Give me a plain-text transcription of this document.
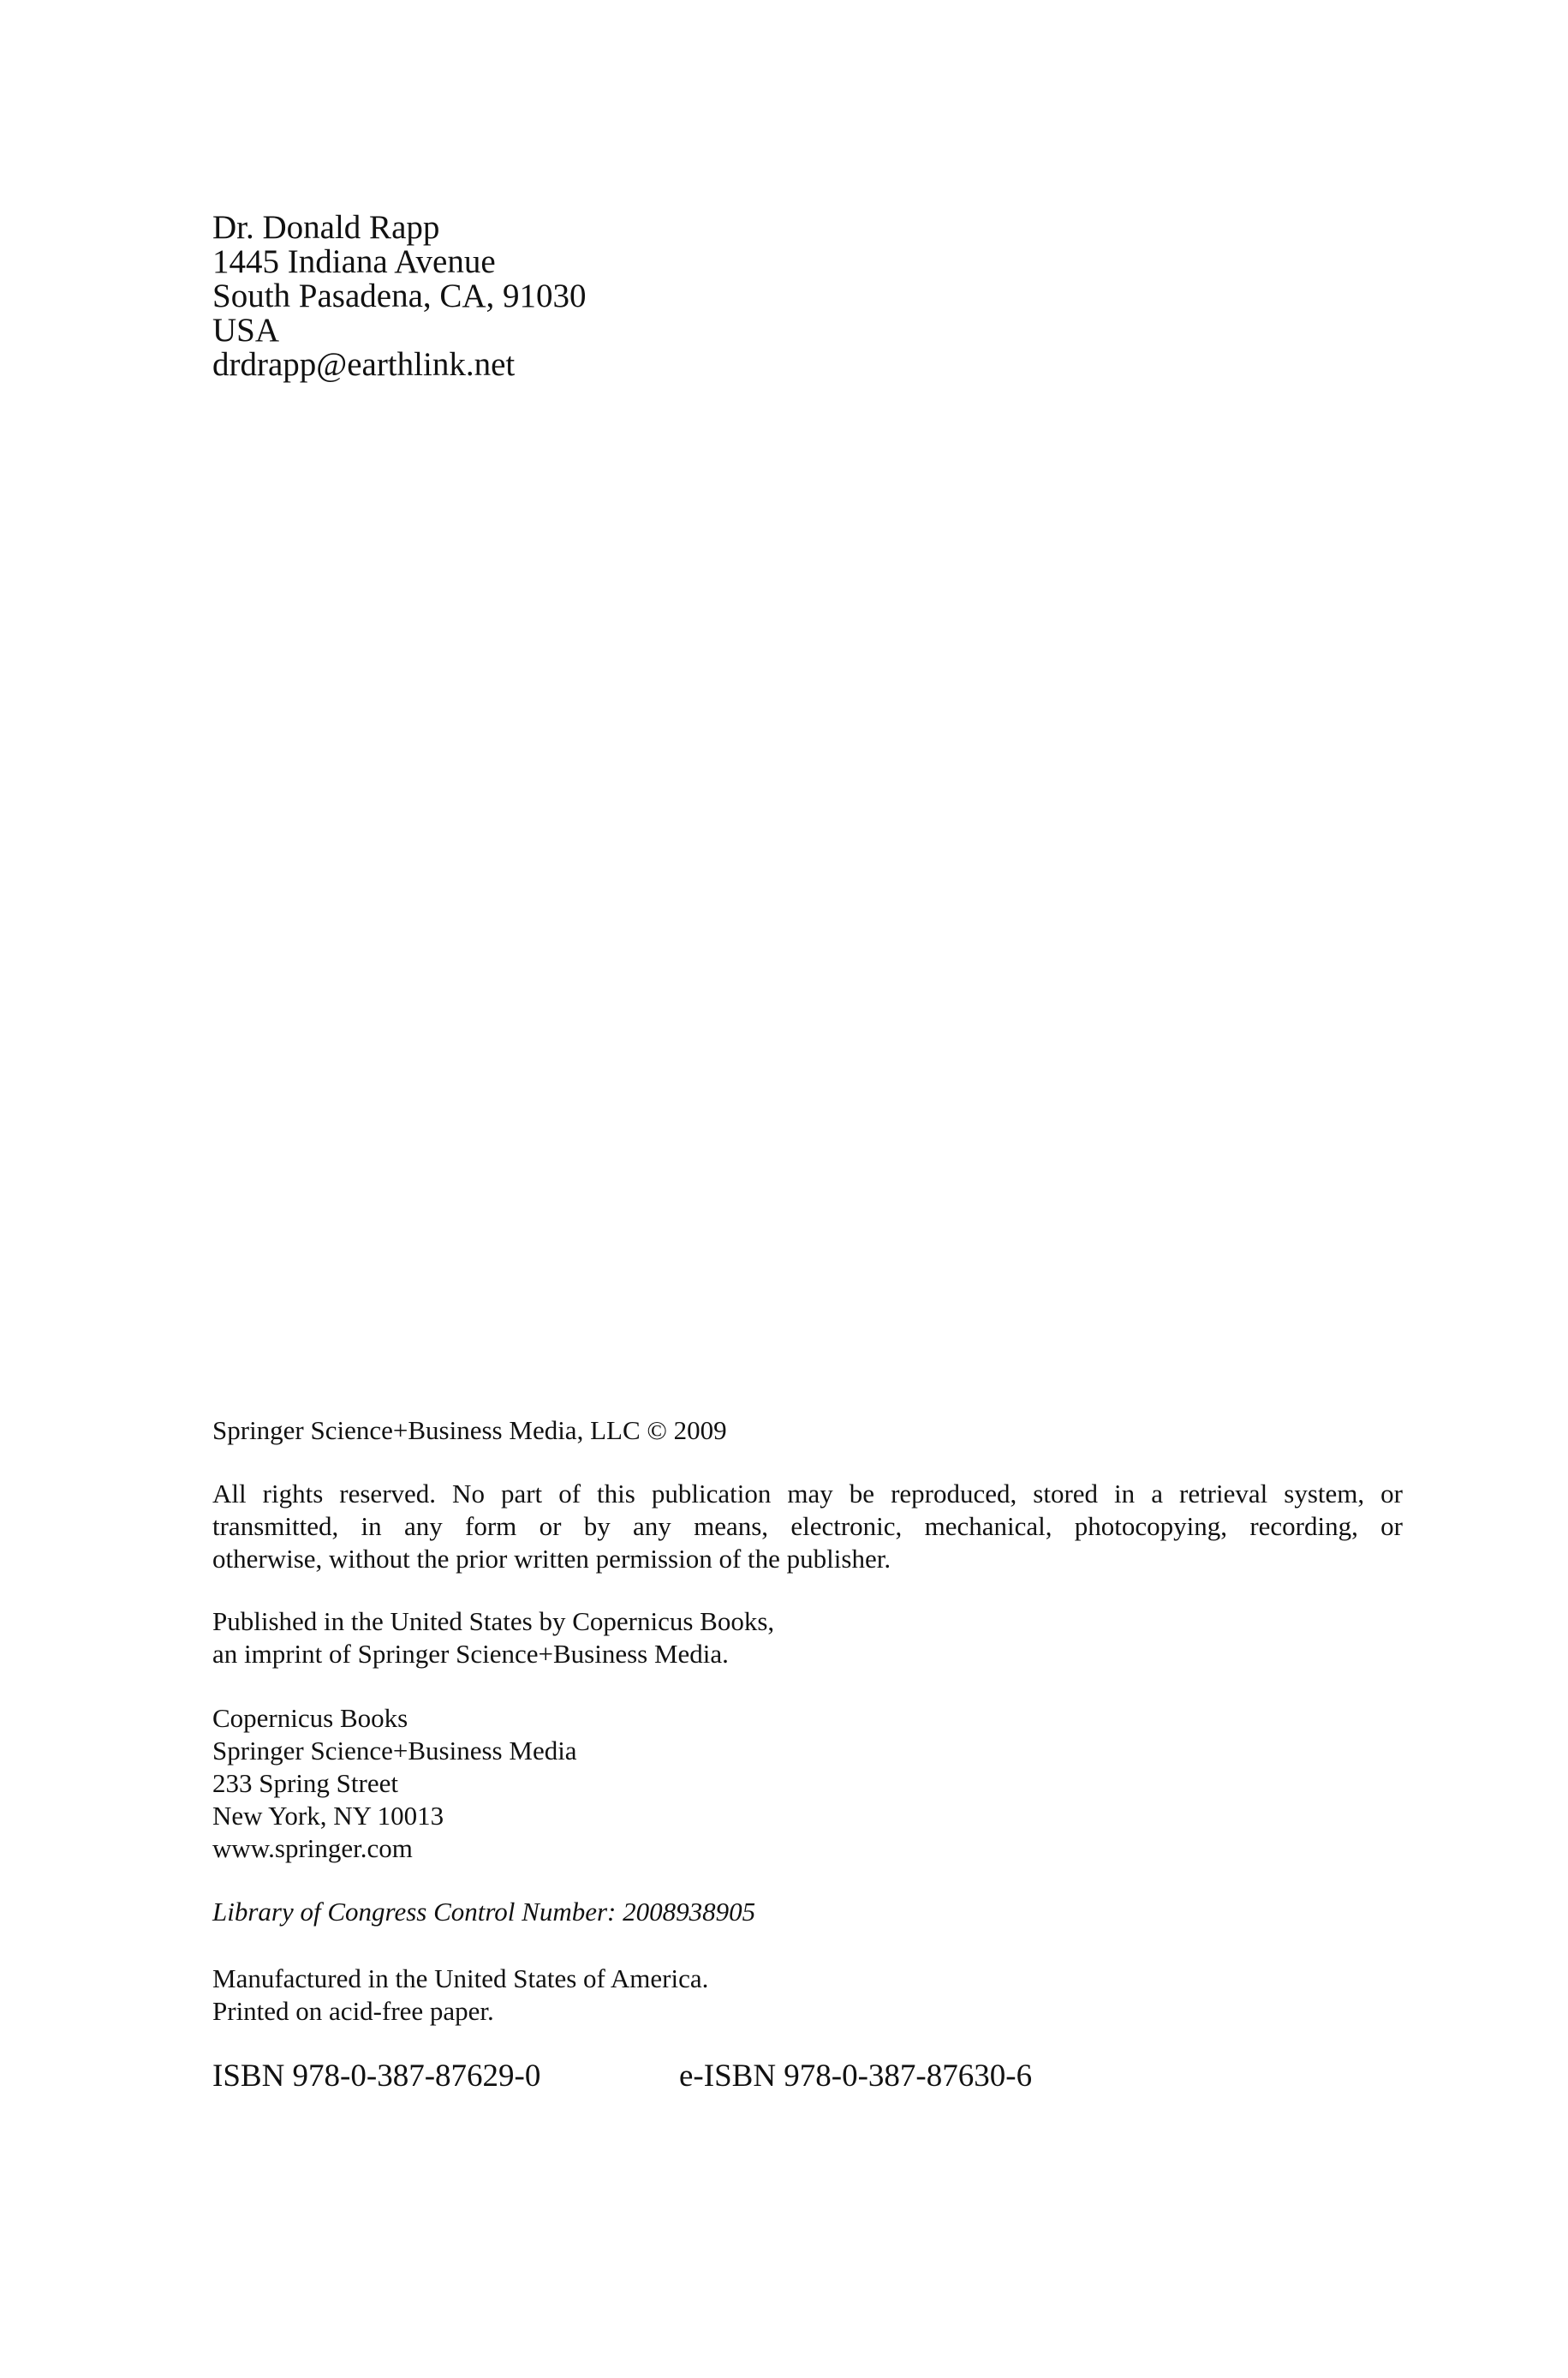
Dr. Donald Rapp
1445 Indiana Avenue
South Pasadena, CA, 91030
USA
drdrapp@earthlink.net
Springer Science+Business Media, LLC © 2009
All rights reserved. No part of this publication may be reproduced, stored in a retrieval system, or
transmitted, in any form or by any means, electronic, mechanical, photocopying, recording, or
otherwise, without the prior written permission of the publisher.
Published in the United States by Copernicus Books,
an imprint of Springer Science+Business Media.
Copernicus Books
Springer Science+Business Media
233 Spring Street
New York, NY 10013
www.springer.com
Library of Congress Control Number: 2008938905
Manufactured in the United States of America.
Printed on acid-free paper.
ISBN 978-0-387-87629-0	e-ISBN 978-0-387-87630-6
